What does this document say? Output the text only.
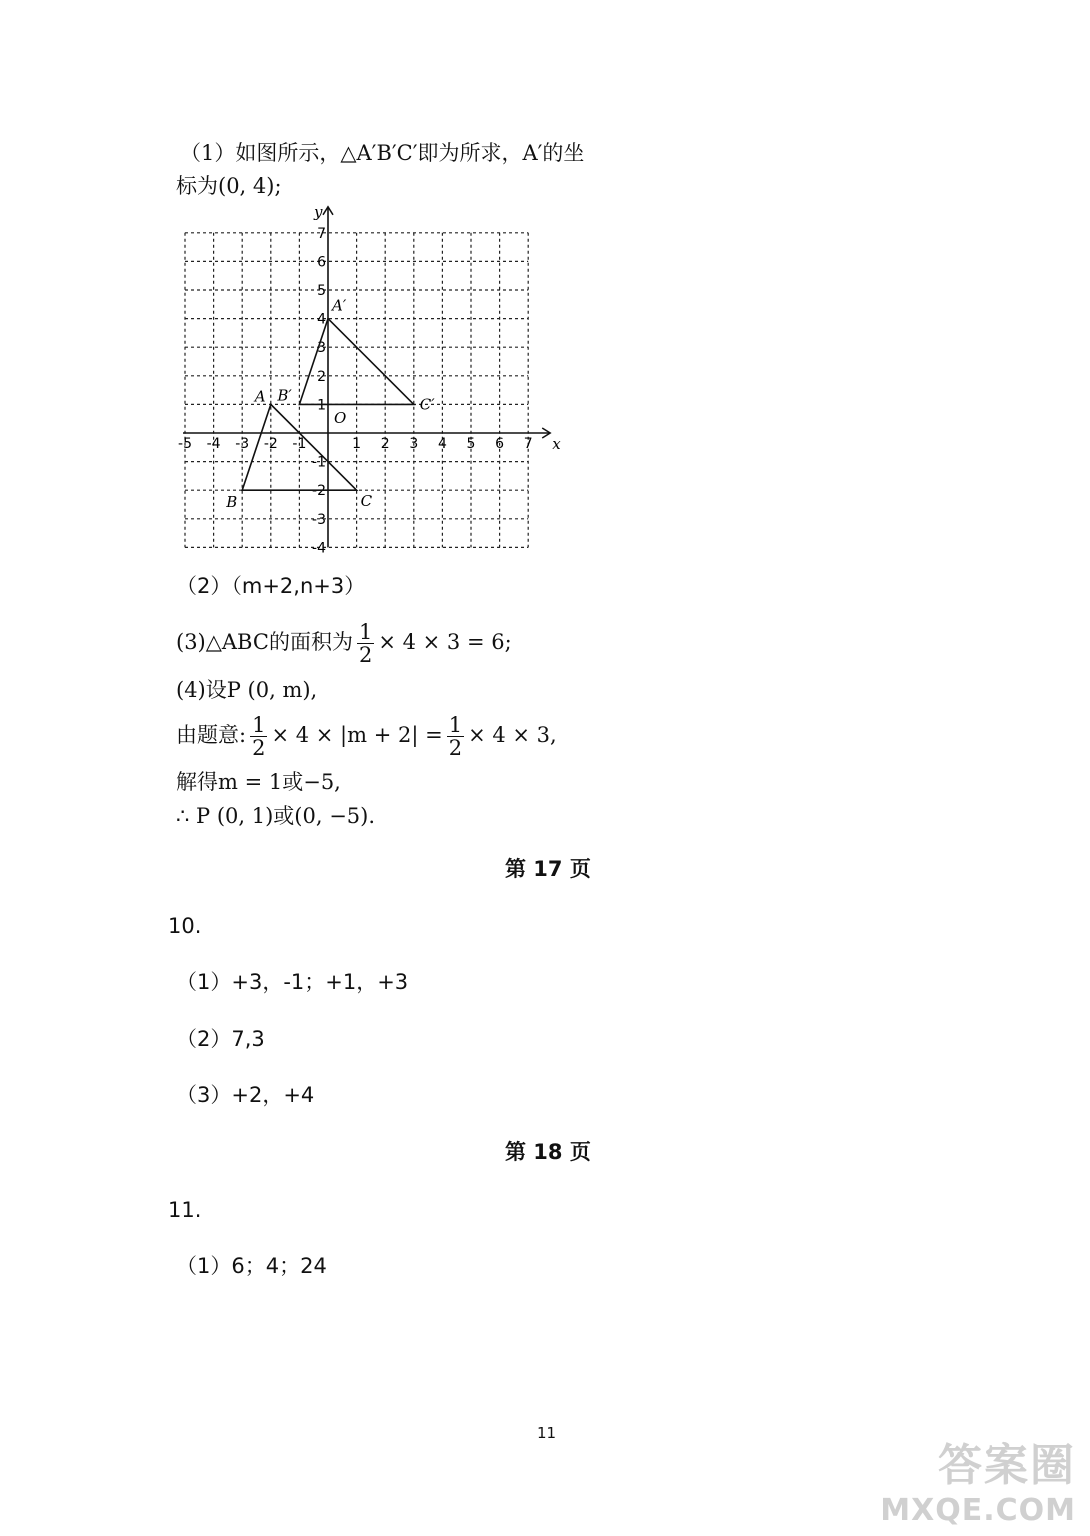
（1）如图所示，△A′B′C′即为所求，A′的坐
标为(0, 4);
x
y
O
-5 -4 -3 -2 -1	1 2 3 4 5 6 7
7
6
5
4
3
2
1
-1
-2
-3
-4
A
B	C
A′
B′	C′
（2）（m+2,n+3）
(3)△ABC的面积为 $\frac{1}{2} \times 4 \times 3 = 6$;
(4)设P (0, m),
由题意: $\frac{1}{2} \times 4 \times |m + 2| = \frac{1}{2} \times 4 \times 3$,
解得m = 1或−5,
∴ P (0, 1)或(0, −5).
第 17 页
10.
（1）+3，-1；+1，+3
（2）7,3
（3）+2，+4
第 18 页
11.
（1）6；4；24
11
答案圈
MXQE.COM
